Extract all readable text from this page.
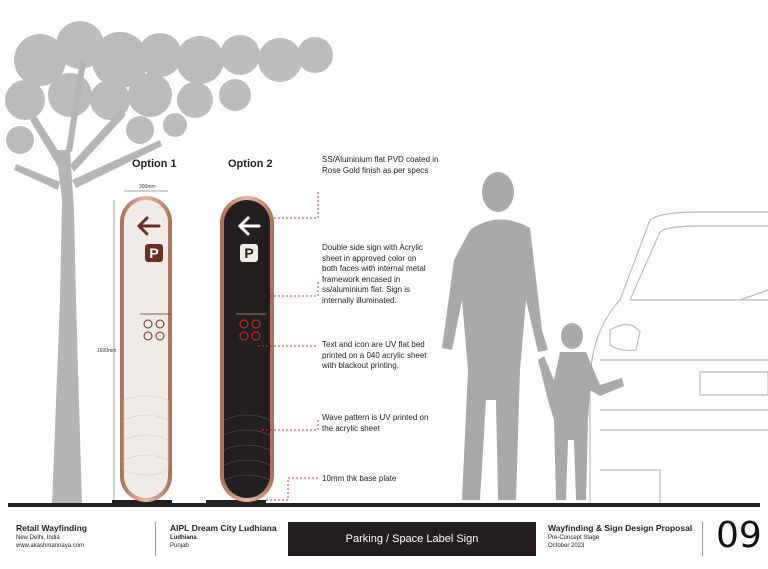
P	P
Option 1	Option 2
300mm
1600mm
SS/Aluminium flat PVD coated in Rose Gold finish as per specs
Double side sign with Acrylic sheet in approved color on both faces with internal metal framework encased in ss/aluminium flat. Sign is internally illuminated.
Text and icon are UV flat bed printed on a 040 acrylic sheet with blackout printing.
Wave pattern is UV printed on the acrylic sheet
10mm thk base plate
Retail Wayfinding
New Delhi, India
www.akashmannaya.com
AIPL Dream City Ludhiana
Ludhiana
Punjab
Parking / Space Label Sign
Wayfinding & Sign Design Proposal
Pre-Concept Stage
October 2023	09
